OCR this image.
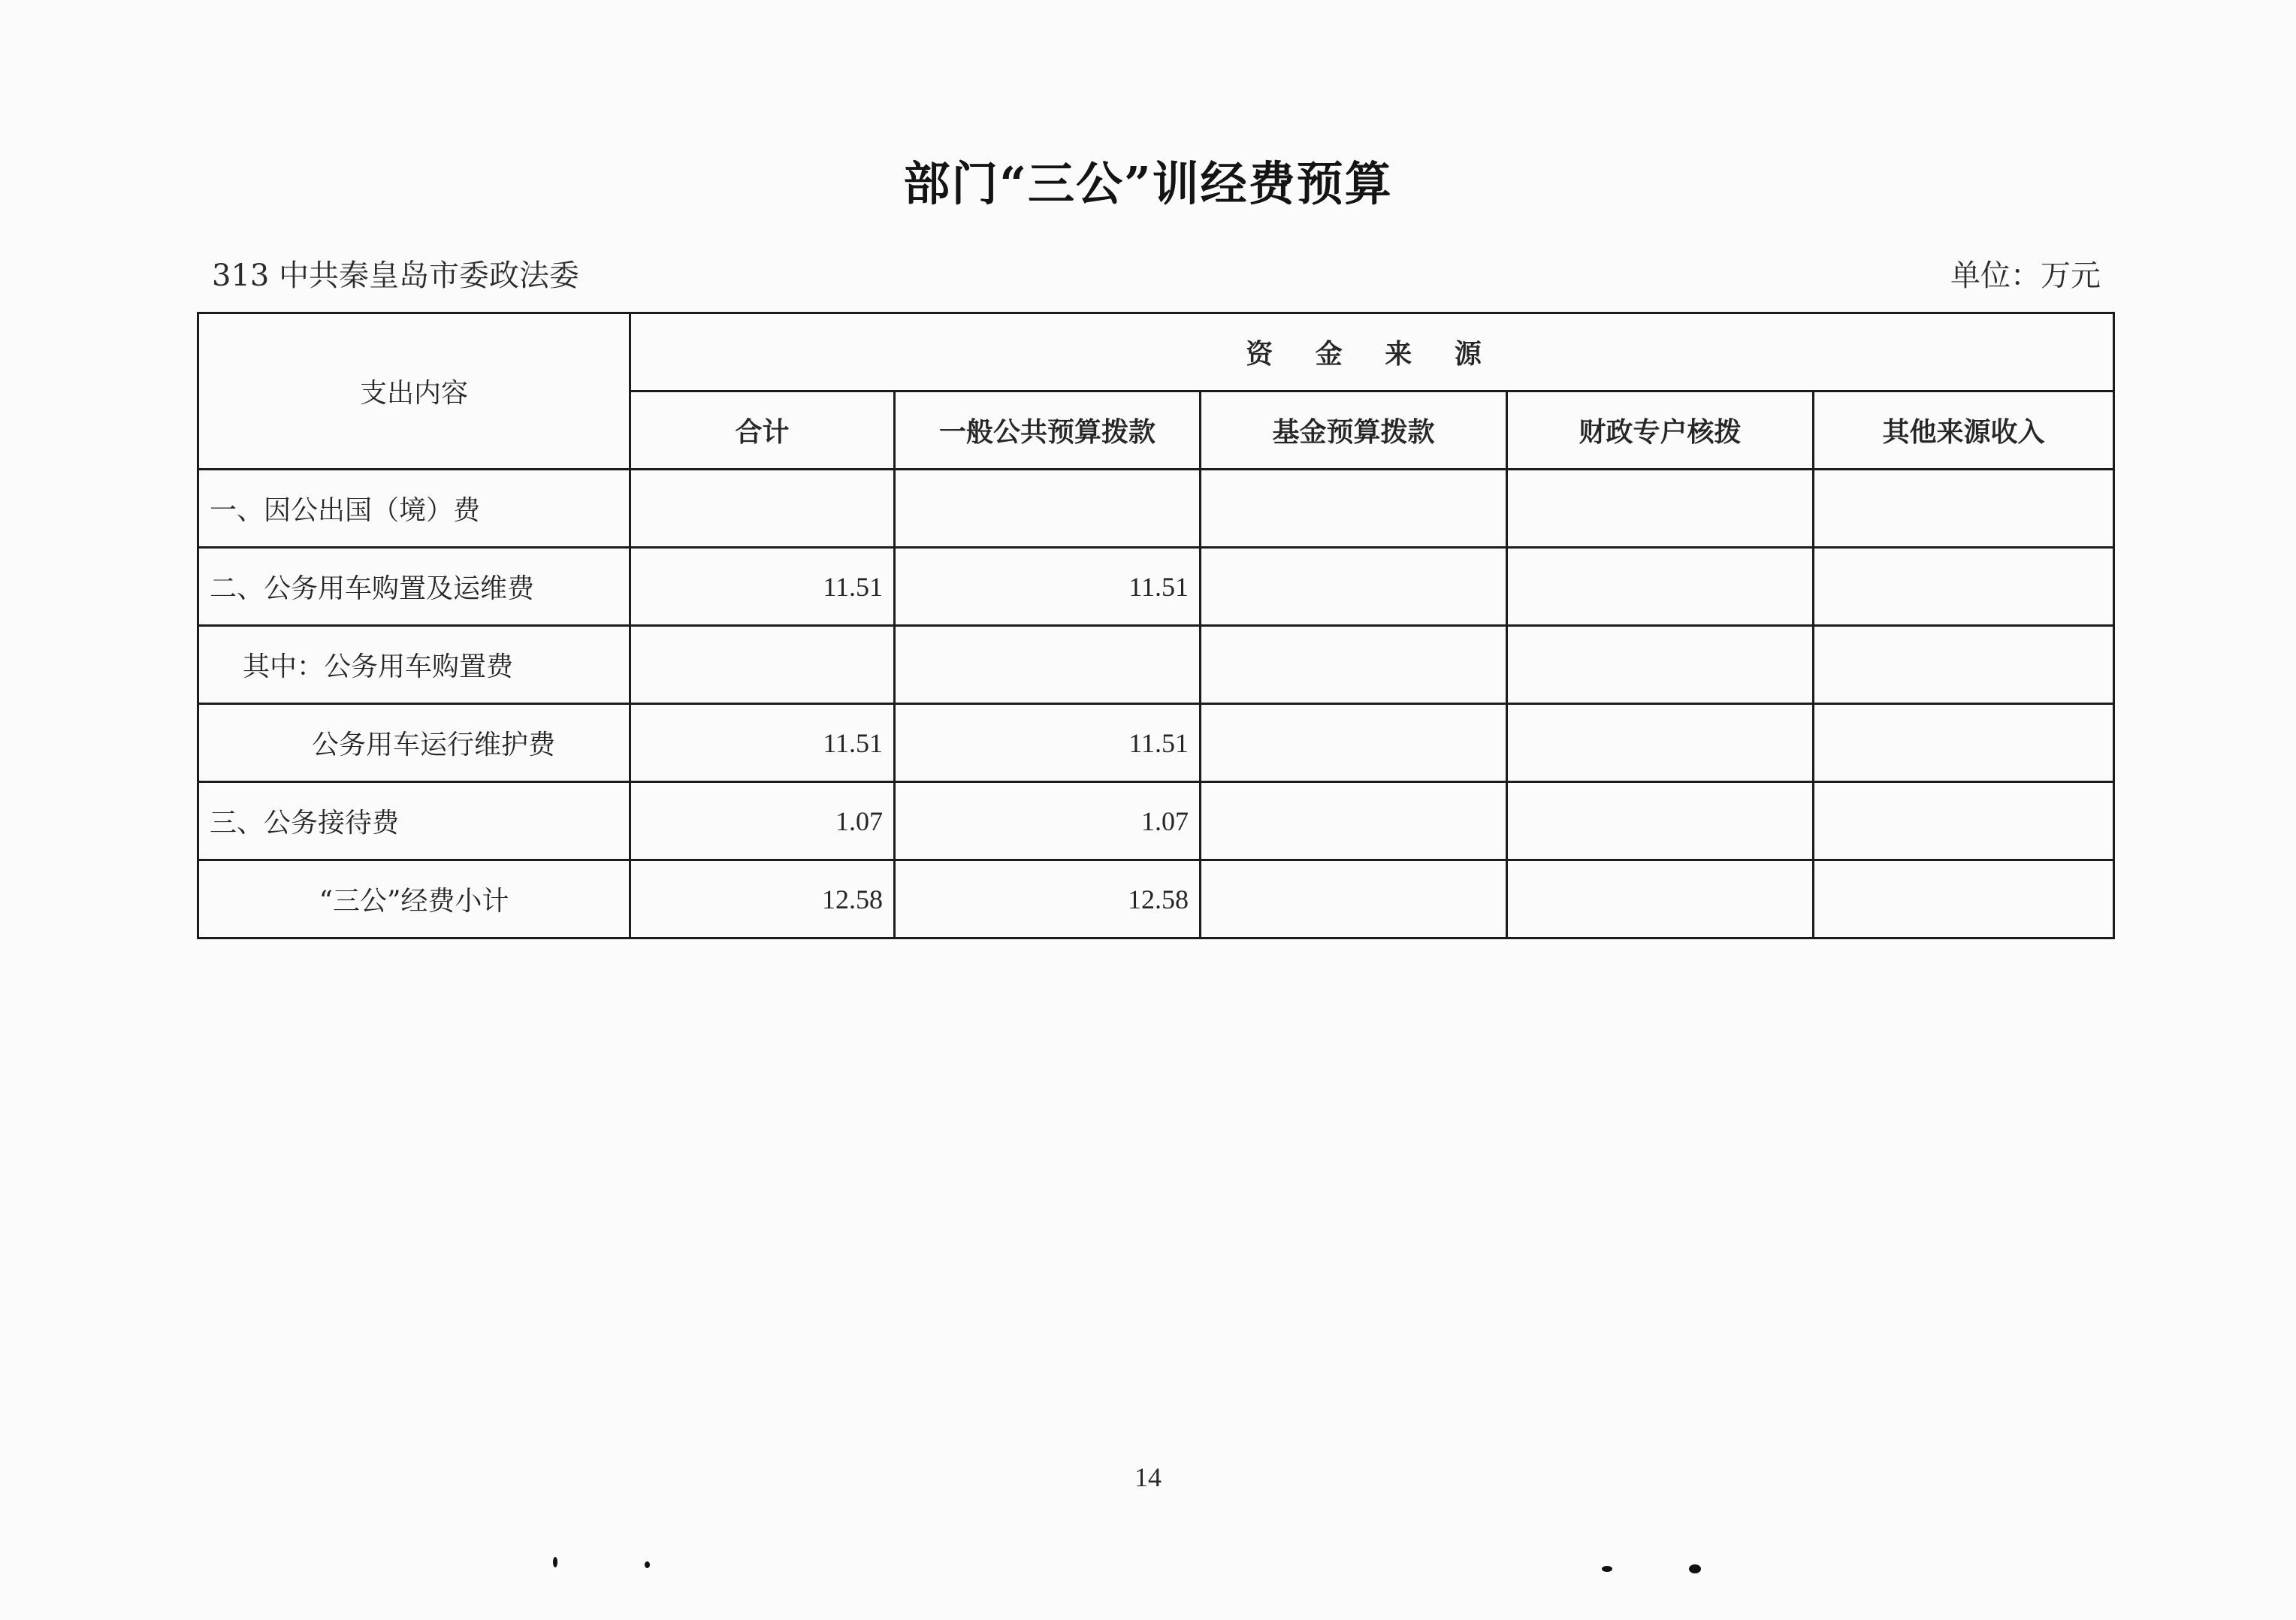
部门“三公”训经费预算
313 中共秦皇岛市委政法委	单位：万元
支出内容	资 金 来 源				
	合计	一般公共预算拨款	基金预算拨款	财政专户核拨	其他来源收入
一、因公出国（境）费					
二、公务用车购置及运维费	11.51	11.51			
其中：公务用车购置费					
公务用车运行维护费	11.51	11.51			
三、公务接待费	1.07	1.07			
“三公”经费小计	12.58	12.58			
14
